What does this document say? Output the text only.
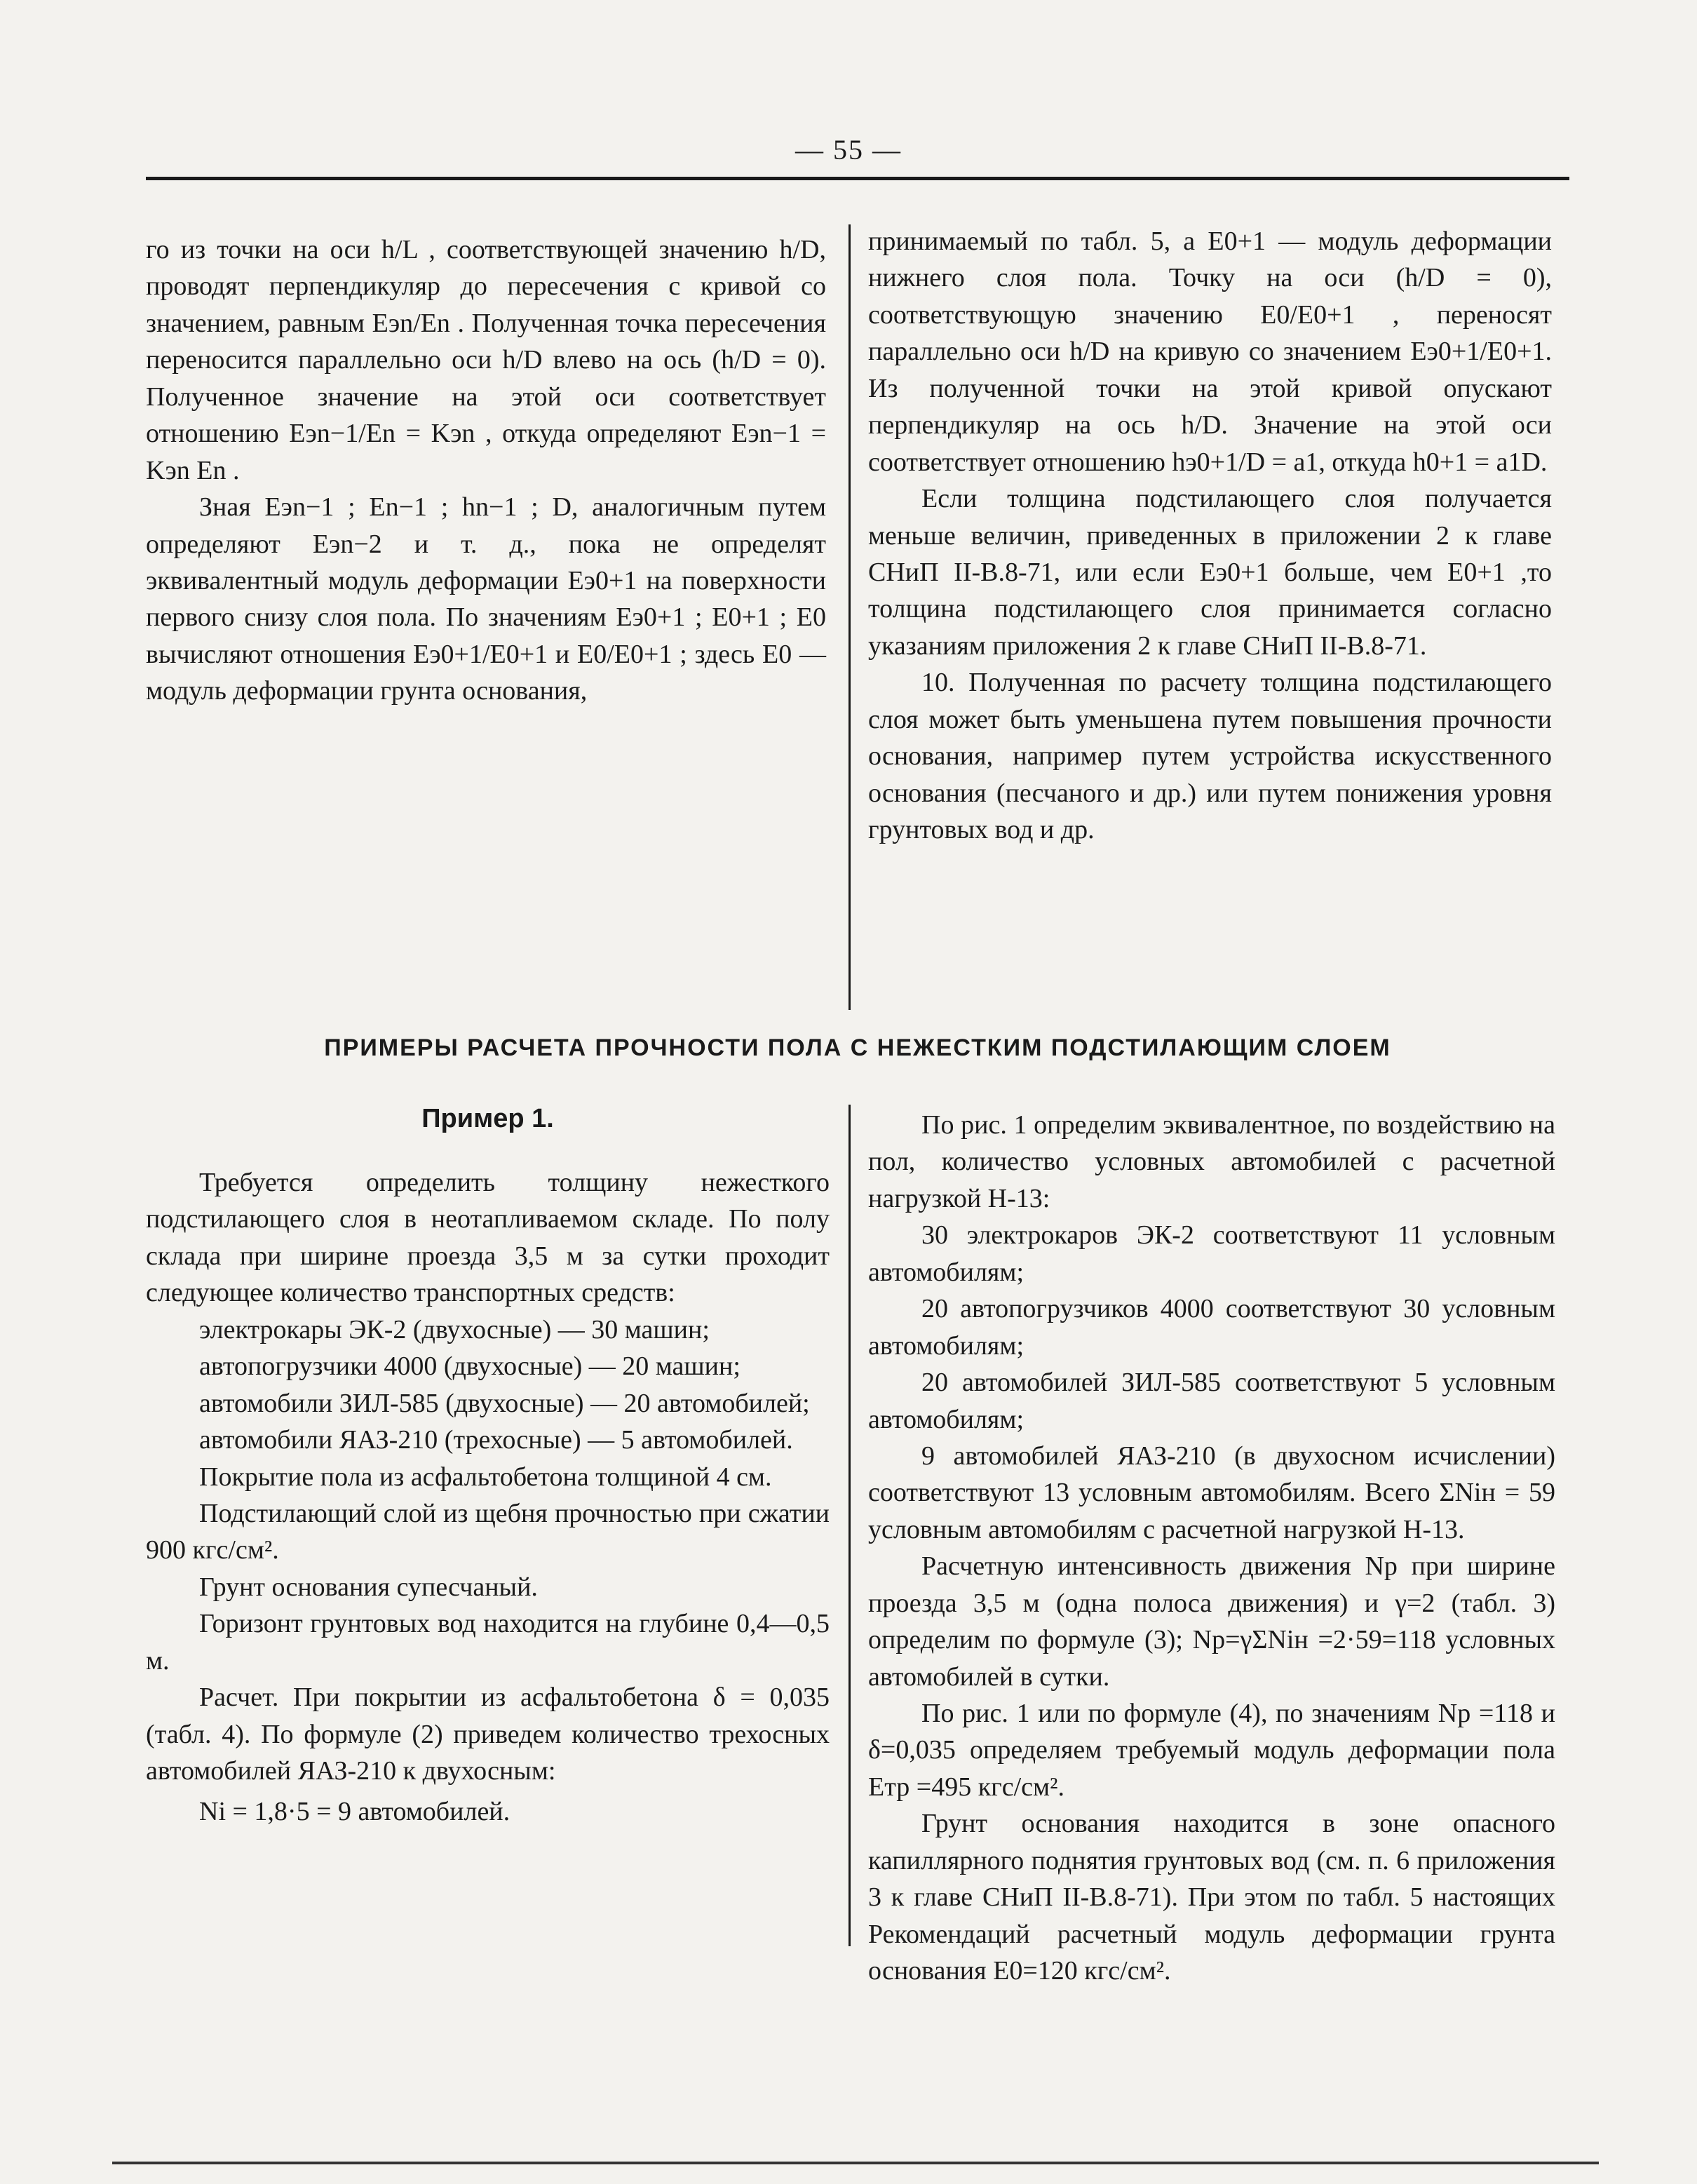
— 55 —

го из точки на оси h/L , соответствующей значению h/D, проводят перпендикуляр до пересечения с кривой со значением, равным Eэn/En . Полученная точка пересечения переносится параллельно оси h/D влево на ось (h/D = 0). Полученное значение на этой оси соответствует отношению Eэn−1/En = Kэn , откуда определяют Eэn−1 = Kэn En .

Зная Eэn−1 ; En−1 ; hn−1 ; D, аналогичным путем определяют Eэn−2 и т. д., пока не определят эквивалентный модуль деформации Eэ0+1 на поверхности первого снизу слоя пола. По значениям Eэ0+1 ; E0+1 ; E0 вычисляют отношения Eэ0+1/E0+1 и E0/E0+1 ; здесь E0 — модуль деформации грунта основания,

принимаемый по табл. 5, а E0+1 — модуль деформации нижнего слоя пола. Точку на оси (h/D = 0), соответствующую значению E0/E0+1 , переносят параллельно оси h/D на кривую со значением Eэ0+1/E0+1. Из полученной точки на этой кривой опускают перпендикуляр на ось h/D. Значение на этой оси соответствует отношению hэ0+1/D = a1, откуда h0+1 = a1D.

Если толщина подстилающего слоя получается меньше величин, приведенных в приложении 2 к главе СНиП II-В.8-71, или если Eэ0+1 больше, чем E0+1 ,то толщина подстилающего слоя принимается согласно указаниям приложения 2 к главе СНиП II-В.8-71.

10. Полученная по расчету толщина подстилающего слоя может быть уменьшена путем повышения прочности основания, например путем устройства искусственного основания (песчаного и др.) или путем понижения уровня грунтовых вод и др.

ПРИМЕРЫ РАСЧЕТА ПРОЧНОСТИ ПОЛА С НЕЖЕСТКИМ ПОДСТИЛАЮЩИМ СЛОЕМ
Пример 1.

Требуется определить толщину нежесткого подстилающего слоя в неотапливаемом складе. По полу склада при ширине проезда 3,5 м за сутки проходит следующее количество транспортных средств:

электрокары ЭК-2 (двухосные) — 30 машин;

автопогрузчики 4000 (двухосные) — 20 машин;

автомобили ЗИЛ-585 (двухосные) — 20 автомобилей;

автомобили ЯАЗ-210 (трехосные) — 5 автомобилей.

Покрытие пола из асфальтобетона толщиной 4 см.

Подстилающий слой из щебня прочностью при сжатии 900 кгс/см².

Грунт основания супесчаный.

Горизонт грунтовых вод находится на глубине 0,4—0,5 м.

Расчет. При покрытии из асфальтобетона δ = 0,035 (табл. 4). По формуле (2) приведем количество трехосных автомобилей ЯАЗ-210 к двухосным:

Nі = 1,8·5 = 9 автомобилей.

По рис. 1 определим эквивалентное, по воздействию на пол, количество условных автомобилей с расчетной нагрузкой Н-13:

30 электрокаров ЭК-2 соответствуют 11 условным автомобилям;

20 автопогрузчиков 4000 соответствуют 30 условным автомобилям;

20 автомобилей ЗИЛ-585 соответствуют 5 условным автомобилям;

9 автомобилей ЯАЗ-210 (в двухосном исчислении) соответствуют 13 условным автомобилям. Всего ΣNін = 59 условным автомобилям с расчетной нагрузкой Н-13.

Расчетную интенсивность движения Nр при ширине проезда 3,5 м (одна полоса движения) и γ=2 (табл. 3) определим по формуле (3); Nр=γΣNін =2·59=118 условных автомобилей в сутки.

По рис. 1 или по формуле (4), по значениям Nр =118 и δ=0,035 определяем требуемый модуль деформации пола Eтр =495 кгс/см².

Грунт основания находится в зоне опасного капиллярного поднятия грунтовых вод (см. п. 6 приложения 3 к главе СНиП II-В.8-71). При этом по табл. 5 настоящих Рекомендаций расчетный модуль деформации грунта основания E0=120 кгс/см².
